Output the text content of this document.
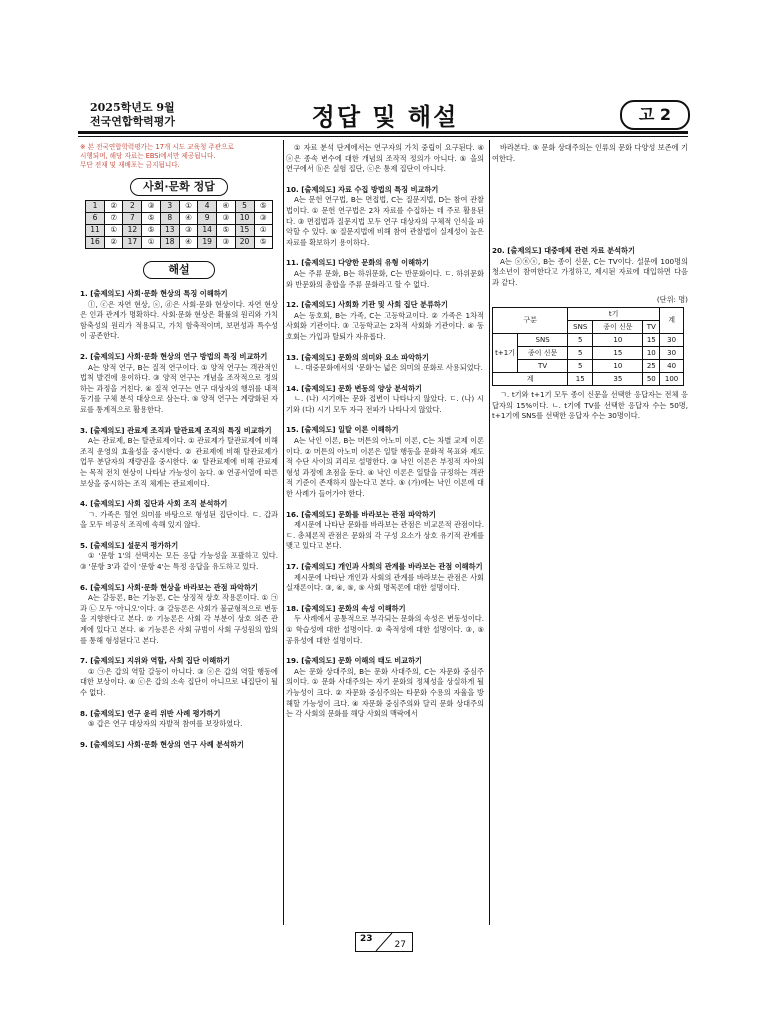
2025학년도 9월
전국연합학력평가	정답 및 해설	고 2
※ 본 전국연합학력평가는 17개 시도 교육청 주관으로
시행되며, 해당 자료는 EBSi에서만 제공됩니다.
무단 전재 및 재배포는 금지됩니다.
사회·문화 정답
1	②	2	③	3	①	4	④	5	⑤
6	⑦	7	⑤	8	④	9	③	10	③
11	①	12	⑤	13	③	14	⑤	15	①
16	②	17	①	18	④	19	③	20	⑤
해설
1. [출제의도] 사회·문화 현상의 특징 이해하기
ⓛ, ⓒ은 자연 현상, ⓢ, ⓓ은 사회·문화 현상이다. 자연 현상은 인과 관계가 명확하다. 사회·문화 현상은 확률의 원리와 가치함축성의 원리가 적용되고, 가치 함축적이며, 보편성과 특수성이 공존한다.
2. [출제의도] 사회·문화 현상의 연구 방법의 특징 비교하기
A는 양적 연구, B는 질적 연구이다. ① 양적 연구는 객관적인 법칙 발견에 용이하다. ③ 양적 연구는 개념을 조작적으로 정의하는 과정을 거친다. ④ 질적 연구는 연구 대상자의 행위를 내적 동기를 구체 분석 대상으로 삼는다. ⑤ 양적 연구는 계량화된 자료를 통계적으로 활용한다.
3. [출제의도] 관료제 조직과 탈관료제 조직의 특징 비교하기
A는 관료제, B는 탈관료제이다. ① 관료제가 탈관료제에 비해 조직 운영의 효율성을 중시한다. ② 관료제에 비해 탈관료제가 업무 분담자의 재량권을 중시한다. ④ 탈관료제에 비해 관료제는 목적 전치 현상이 나타날 가능성이 높다. ⑤ 연공서열에 따른 보상을 중시하는 조직 체계는 관료제이다.
4. [출제의도] 사회 집단과 사회 조직 분석하기
ㄱ. 가족은 혈연 의미를 바탕으로 형성된 집단이다. ㄷ. 갑과 을 모두 비공식 조직에 속해 있지 않다.
5. [출제의도] 설문지 평가하기
① '문항 1'의 선택지는 모든 응답 가능성을 포괄하고 있다. ③ '문항 3'과 같이 '문항 4'는 특정 응답을 유도하고 있다.
6. [출제의도] 사회·문화 현상을 바라보는 관점 파악하기
A는 갈등론, B는 기능론, C는 상징적 상호 작용론이다. ① ㉠과 ㉡ 모두 '아니오'이다. ③ 갈등론은 사회가 불균형적으로 변동을 지향한다고 본다. ⑦ 기능론은 사회 각 부분이 상호 의존 관계에 있다고 본다. ④ 기능론은 사회 규범이 사회 구성원의 합의를 통해 형성된다고 본다.
7. [출제의도] 지위와 역할, 사회 집단 이해하기
① ㉠은 갑의 역할 갈등이 아니다. ③ ⓢ은 갑의 역할 행동에 대한 보상이다. ④ ⓒ은 갑의 소속 집단이 아니므로 내집단이 될 수 없다.
8. [출제의도] 연구 윤리 위반 사례 평가하기
⑤ 갑은 연구 대상자의 자발적 참여를 보장하였다.
9. [출제의도] 사회·문화 현상의 연구 사례 분석하기
① 자료 분석 단계에서는 연구자의 가치 중립이 요구된다. ④ ⓢ은 종속 변수에 대한 개념의 조작적 정의가 아니다. ⑤ 을의 연구에서 ⓑ은 실험 집단, ⓒ은 통제 집단이 아니다.
10. [출제의도] 자료 수집 방법의 특징 비교하기
A는 문헌 연구법, B는 면접법, C는 질문지법, D는 참여 관찰법이다. ① 문헌 연구법은 2차 자료를 수집하는 데 주로 활용된다. ③ 면접법과 질문지법 모두 연구 대상자의 구체적 인식을 파악할 수 있다. ⑤ 질문지법에 비해 참여 관찰법이 실제성이 높은 자료를 확보하기 용이하다.
11. [출제의도] 다양한 문화의 유형 이해하기
A는 주류 문화, B는 하위문화, C는 반문화이다. ㄷ. 하위문화와 반문화의 총합을 주류 문화라고 할 수 없다.
12. [출제의도] 사회화 기관 및 사회 집단 분류하기
A는 동호회, B는 가족, C는 고등학교이다. ② 가족은 1차적 사회화 기관이다. ③ 고등학교는 2차적 사회화 기관이다. ④ 동호회는 가입과 탈퇴가 자유롭다.
13. [출제의도] 문화의 의미와 요소 파악하기
ㄴ. 대중문화에서의 '문화'는 넓은 의미의 문화로 사용되었다.
14. [출제의도] 문화 변동의 양상 분석하기
ㄴ. (나) 시기에는 문화 접변이 나타나지 않았다. ㄷ. (나) 시기와 (다) 시기 모두 자극 전파가 나타나지 않았다.
15. [출제의도] 일탈 이론 이해하기
A는 낙인 이론, B는 머튼의 아노미 이론, C는 차별 교제 이론이다. ② 머튼의 아노미 이론은 일탈 행동을 문화적 목표와 제도적 수단 사이의 괴리로 설명한다. ③ 낙인 이론은 부정적 자아의 형성 과정에 초점을 둔다. ④ 낙인 이론은 일탈을 규정하는 객관적 기준이 존재하지 않는다고 본다. ⑤ (가)에는 낙인 이론에 대한 사례가 들어가야 한다.
16. [출제의도] 문화를 바라보는 관점 파악하기
제시문에 나타난 문화를 바라보는 관점은 비교론적 관점이다. ㄷ. 총체론적 관점은 문화의 각 구성 요소가 상호 유기적 관계를 맺고 있다고 본다.
17. [출제의도] 개인과 사회의 관계를 바라보는 관점 이해하기
제시문에 나타난 개인과 사회의 관계를 바라보는 관점은 사회 실재론이다. ③, ④, ⑤, ⑤ 사회 명목론에 대한 설명이다.
18. [출제의도] 문화의 속성 이해하기
두 사례에서 공통적으로 부각되는 문화의 속성은 변동성이다. ① 학습성에 대한 설명이다. ② 축적성에 대한 설명이다. ③, ⑤ 공유성에 대한 설명이다.
19. [출제의도] 문화 이해의 태도 비교하기
A는 문화 상대주의, B는 문화 사대주의, C는 자문화 중심주의이다. ① 문화 사대주의는 자기 문화의 정체성을 상실하게 될 가능성이 크다. ② 자문화 중심주의는 타문화 수용의 자율을 방해할 가능성이 크다. ④ 자문화 중심주의와 달리 문화 상대주의는 각 사회의 문화를 해당 사회의 맥락에서
바라본다. ⑤ 문화 상대주의는 인류의 문화 다양성 보존에 기여한다.
20. [출제의도] 대중매체 관련 자료 분석하기
A는 ⓢⓝⓢ, B는 종이 신문, C는 TV이다. 설문에 100명의 청소년이 참여한다고 가정하고, 제시된 자료에 대입하면 다음과 같다.
(단위: 명)
구분		t기			계
		SNS	종이 신문	TV	
t+1기	SNS	5	10	15	30
	종이 신문	5	15	10	30
	TV	5	10	25	40
계		15	35	50	100
ㄱ. t기와 t+1기 모두 종이 신문을 선택한 응답자는 전체 응답자의 15%이다. ㄴ. t기에 TV를 선택한 응답자 수는 50명, t+1기에 SNS를 선택한 응답자 수는 30명이다.
23
27
